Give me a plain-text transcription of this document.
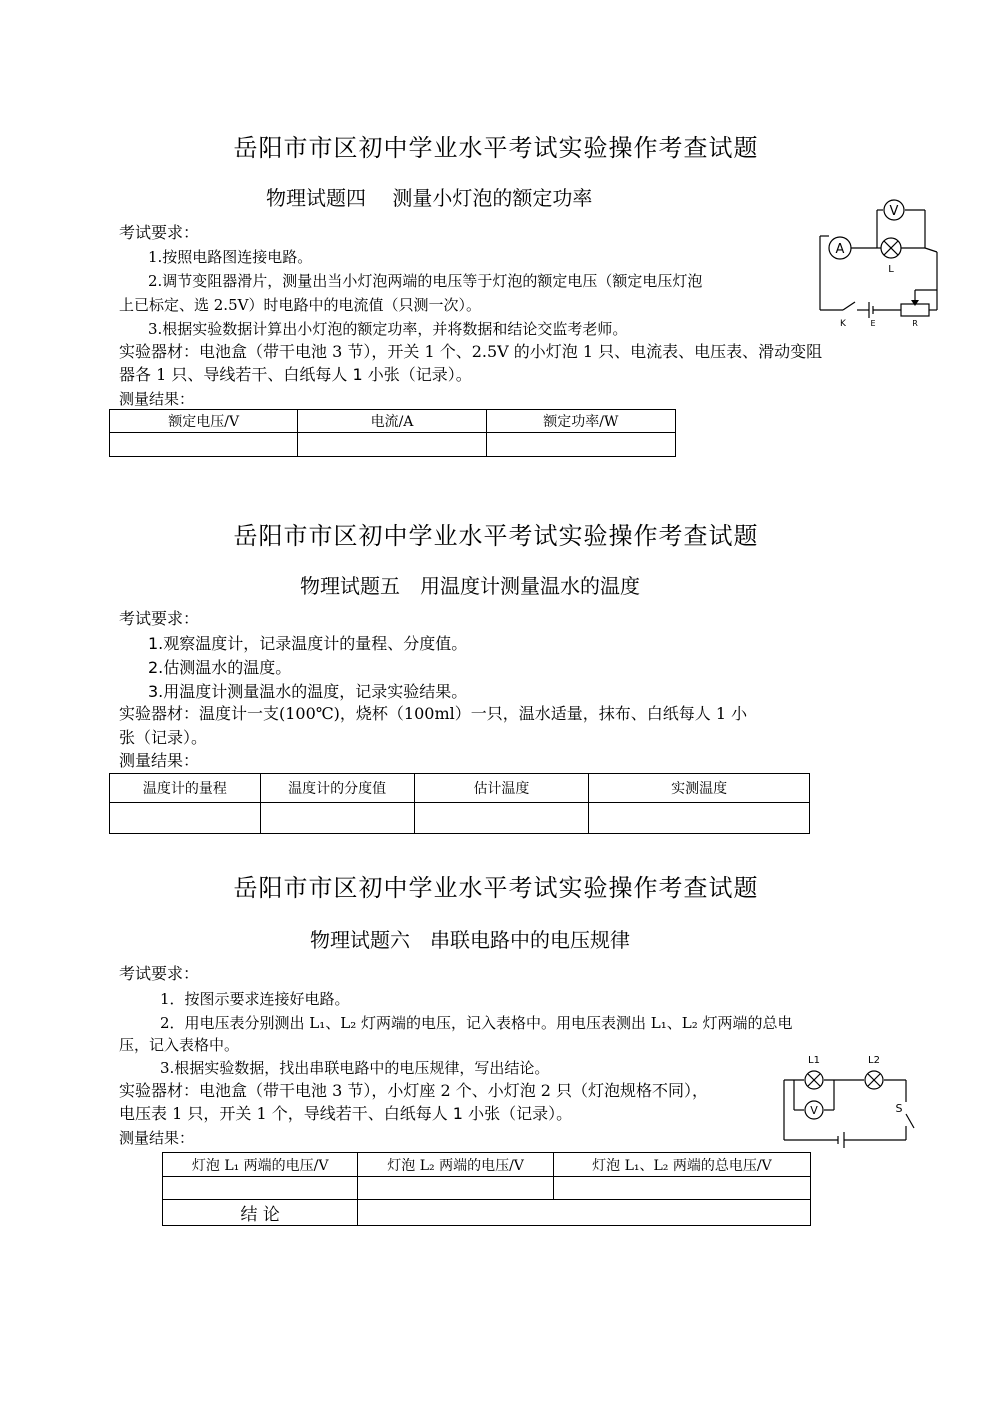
岳阳市市区初中学业水平考试实验操作考查试题
物理试题四　 测量小灯泡的额定功率
考试要求：
1.按照电路图连接电路。
2.调节变阻器滑片，测量出当小灯泡两端的电压等于灯泡的额定电压（额定电压灯泡
上已标定、选 2.5V）时电路中的电流值（只测一次）。
3.根据实验数据计算出小灯泡的额定功率，并将数据和结论交监考老师。
实验器材：电池盒（带干电池 3 节），开关 1 个、2.5V 的小灯泡 1 只、电流表、电压表、滑动变阻
器各 1 只、导线若干、白纸每人 1 小张（记录）。
测量结果：
额定电压/V	电流/A	额定功率/W

A
V
L
K	E	R
岳阳市市区初中学业水平考试实验操作考查试题
物理试题五　用温度计测量温水的温度
考试要求：
1.观察温度计，记录温度计的量程、分度值。
2.估测温水的温度。
3.用温度计测量温水的温度，记录实验结果。
实验器材：温度计一支(100℃)，烧杯（100ml）一只，温水适量，抹布、白纸每人 1 小
张（记录）。
测量结果：
温度计的量程	温度计的分度值	估计温度	实测温度

岳阳市市区初中学业水平考试实验操作考查试题
物理试题六　串联电路中的电压规律
考试要求：
1．按图示要求连接好电路。
2．用电压表分别测出 L₁、L₂ 灯两端的电压，记入表格中。用电压表测出 L₁、L₂ 灯两端的总电
压，记入表格中。
3.根据实验数据，找出串联电路中的电压规律，写出结论。
实验器材：电池盒（带干电池 3 节），小灯座 2 个、小灯泡 2 只（灯泡规格不同），
电压表 1 只，开关 1 个，导线若干、白纸每人 1 小张（记录）。
测量结果：
灯泡 L₁ 两端的电压/V	灯泡 L₂ 两端的电压/V	灯泡 L₁、L₂ 两端的总电压/V

结 论		
L1	L2
V	S
